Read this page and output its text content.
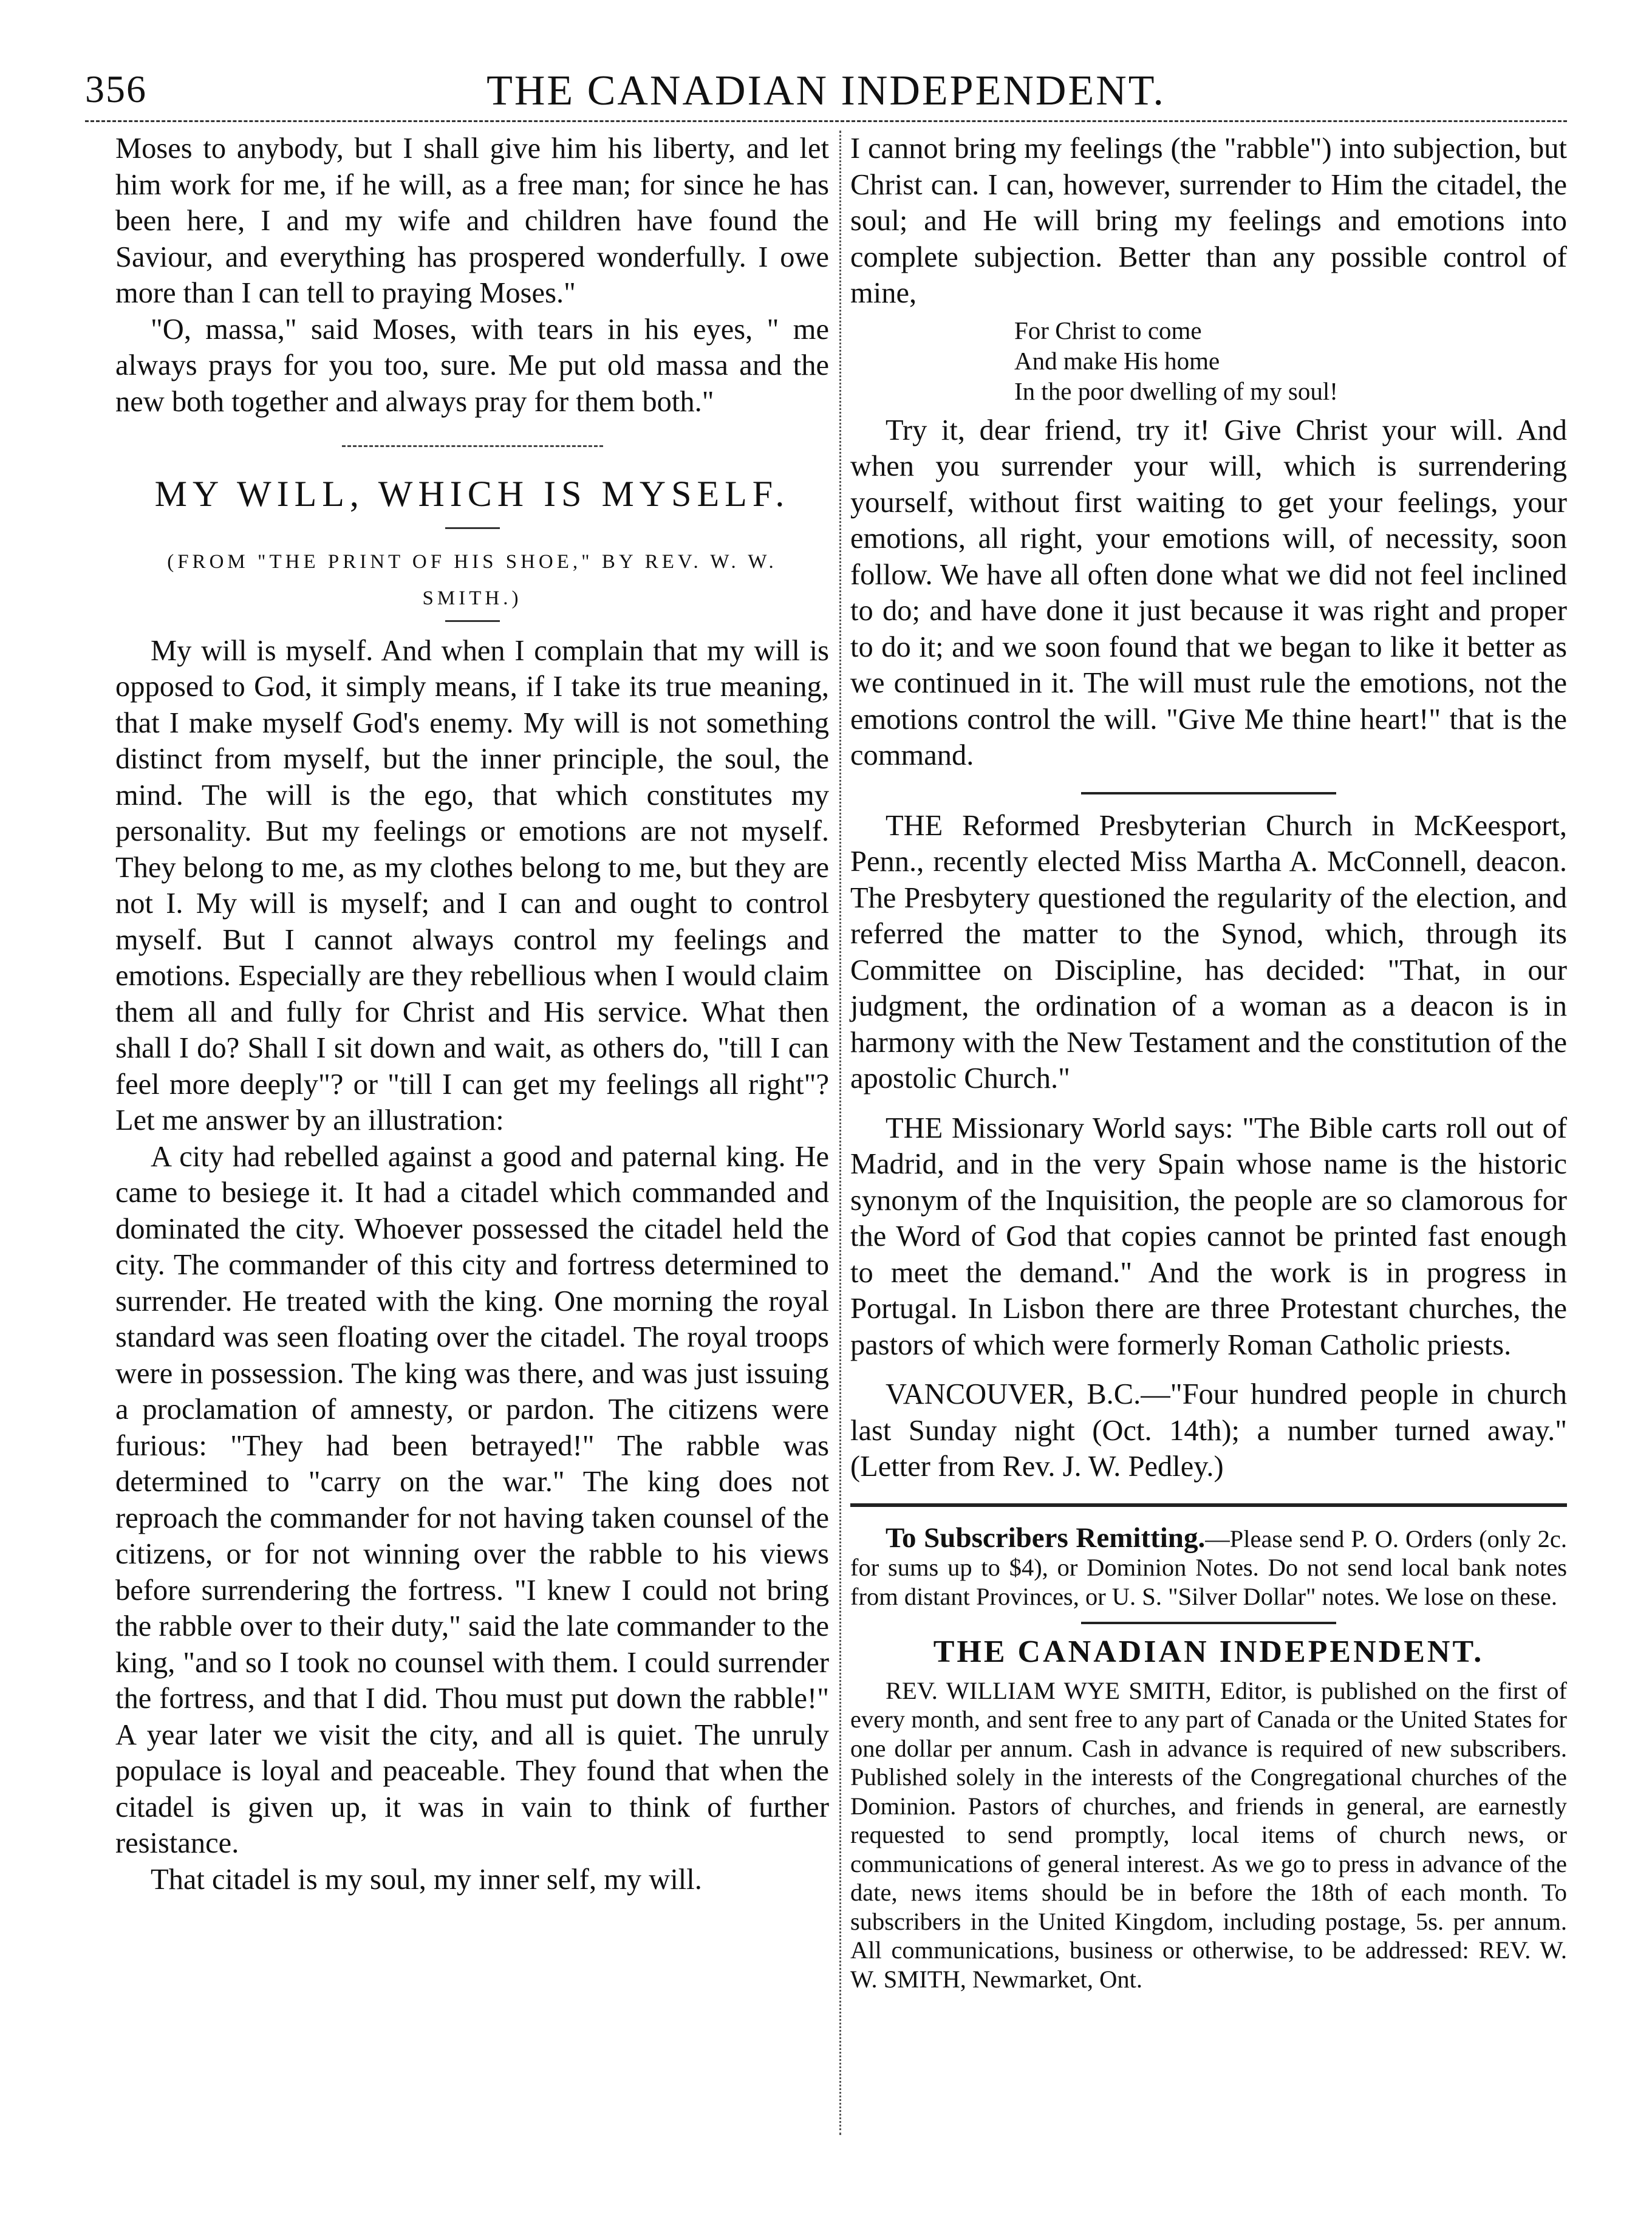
356	THE CANADIAN INDEPENDENT.

Moses to anybody, but I shall give him his liberty, and let him work for me, if he will, as a free man; for since he has been here, I and my wife and children have found the Saviour, and everything has prospered wonderfully. I owe more than I can tell to praying Moses."

"O, massa," said Moses, with tears in his eyes, " me always prays for you too, sure. Me put old massa and the new both together and always pray for them both."

MY WILL, WHICH IS MYSELF.

(FROM "THE PRINT OF HIS SHOE," BY REV. W. W. SMITH.)

My will is myself. And when I complain that my will is opposed to God, it simply means, if I take its true meaning, that I make myself God's enemy. My will is not something distinct from myself, but the inner principle, the soul, the mind. The will is the ego, that which constitutes my personality. But my feelings or emotions are not myself. They belong to me, as my clothes belong to me, but they are not I. My will is myself; and I can and ought to control myself. But I cannot always control my feelings and emotions. Especially are they rebellious when I would claim them all and fully for Christ and His service. What then shall I do? Shall I sit down and wait, as others do, "till I can feel more deeply"? or "till I can get my feelings all right"? Let me answer by an illustration:

A city had rebelled against a good and paternal king. He came to besiege it. It had a citadel which commanded and dominated the city. Whoever possessed the citadel held the city. The commander of this city and fortress determined to surrender. He treated with the king. One morning the royal standard was seen floating over the citadel. The royal troops were in possession. The king was there, and was just issuing a proclamation of amnesty, or pardon. The citizens were furious: "They had been betrayed!" The rabble was determined to "carry on the war." The king does not reproach the commander for not having taken counsel of the citizens, or for not winning over the rabble to his views before surrendering the fortress. "I knew I could not bring the rabble over to their duty," said the late commander to the king, "and so I took no counsel with them. I could surrender the fortress, and that I did. Thou must put down the rabble!" A year later we visit the city, and all is quiet. The unruly populace is loyal and peaceable. They found that when the citadel is given up, it was in vain to think of further resistance.

That citadel is my soul, my inner self, my will.

I cannot bring my feelings (the "rabble") into subjection, but Christ can. I can, however, surrender to Him the citadel, the soul; and He will bring my feelings and emotions into complete subjection. Better than any possible control of mine,

For Christ to come
And make His home
In the poor dwelling of my soul!

Try it, dear friend, try it! Give Christ your will. And when you surrender your will, which is surrendering yourself, without first waiting to get your feelings, your emotions, all right, your emotions will, of necessity, soon follow. We have all often done what we did not feel inclined to do; and have done it just because it was right and proper to do it; and we soon found that we began to like it better as we continued in it. The will must rule the emotions, not the emotions control the will. "Give Me thine heart!" that is the command.

THE Reformed Presbyterian Church in McKeesport, Penn., recently elected Miss Martha A. McConnell, deacon. The Presbytery questioned the regularity of the election, and referred the matter to the Synod, which, through its Committee on Discipline, has decided: "That, in our judgment, the ordination of a woman as a deacon is in harmony with the New Testament and the constitution of the apostolic Church."

THE Missionary World says: "The Bible carts roll out of Madrid, and in the very Spain whose name is the historic synonym of the Inquisition, the people are so clamorous for the Word of God that copies cannot be printed fast enough to meet the demand." And the work is in progress in Portugal. In Lisbon there are three Protestant churches, the pastors of which were formerly Roman Catholic priests.

VANCOUVER, B.C.—"Four hundred people in church last Sunday night (Oct. 14th); a number turned away." (Letter from Rev. J. W. Pedley.)

To Subscribers Remitting.—Please send P. O. Orders (only 2c. for sums up to $4), or Dominion Notes. Do not send local bank notes from distant Provinces, or U. S. "Silver Dollar" notes. We lose on these.

THE CANADIAN INDEPENDENT.

REV. WILLIAM WYE SMITH, Editor, is published on the first of every month, and sent free to any part of Canada or the United States for one dollar per annum. Cash in advance is required of new subscribers. Published solely in the interests of the Congregational churches of the Dominion. Pastors of churches, and friends in general, are earnestly requested to send promptly, local items of church news, or communications of general interest. As we go to press in advance of the date, news items should be in before the 18th of each month. To subscribers in the United Kingdom, including postage, 5s. per annum. All communications, business or otherwise, to be addressed: REV. W. W. SMITH, Newmarket, Ont.
